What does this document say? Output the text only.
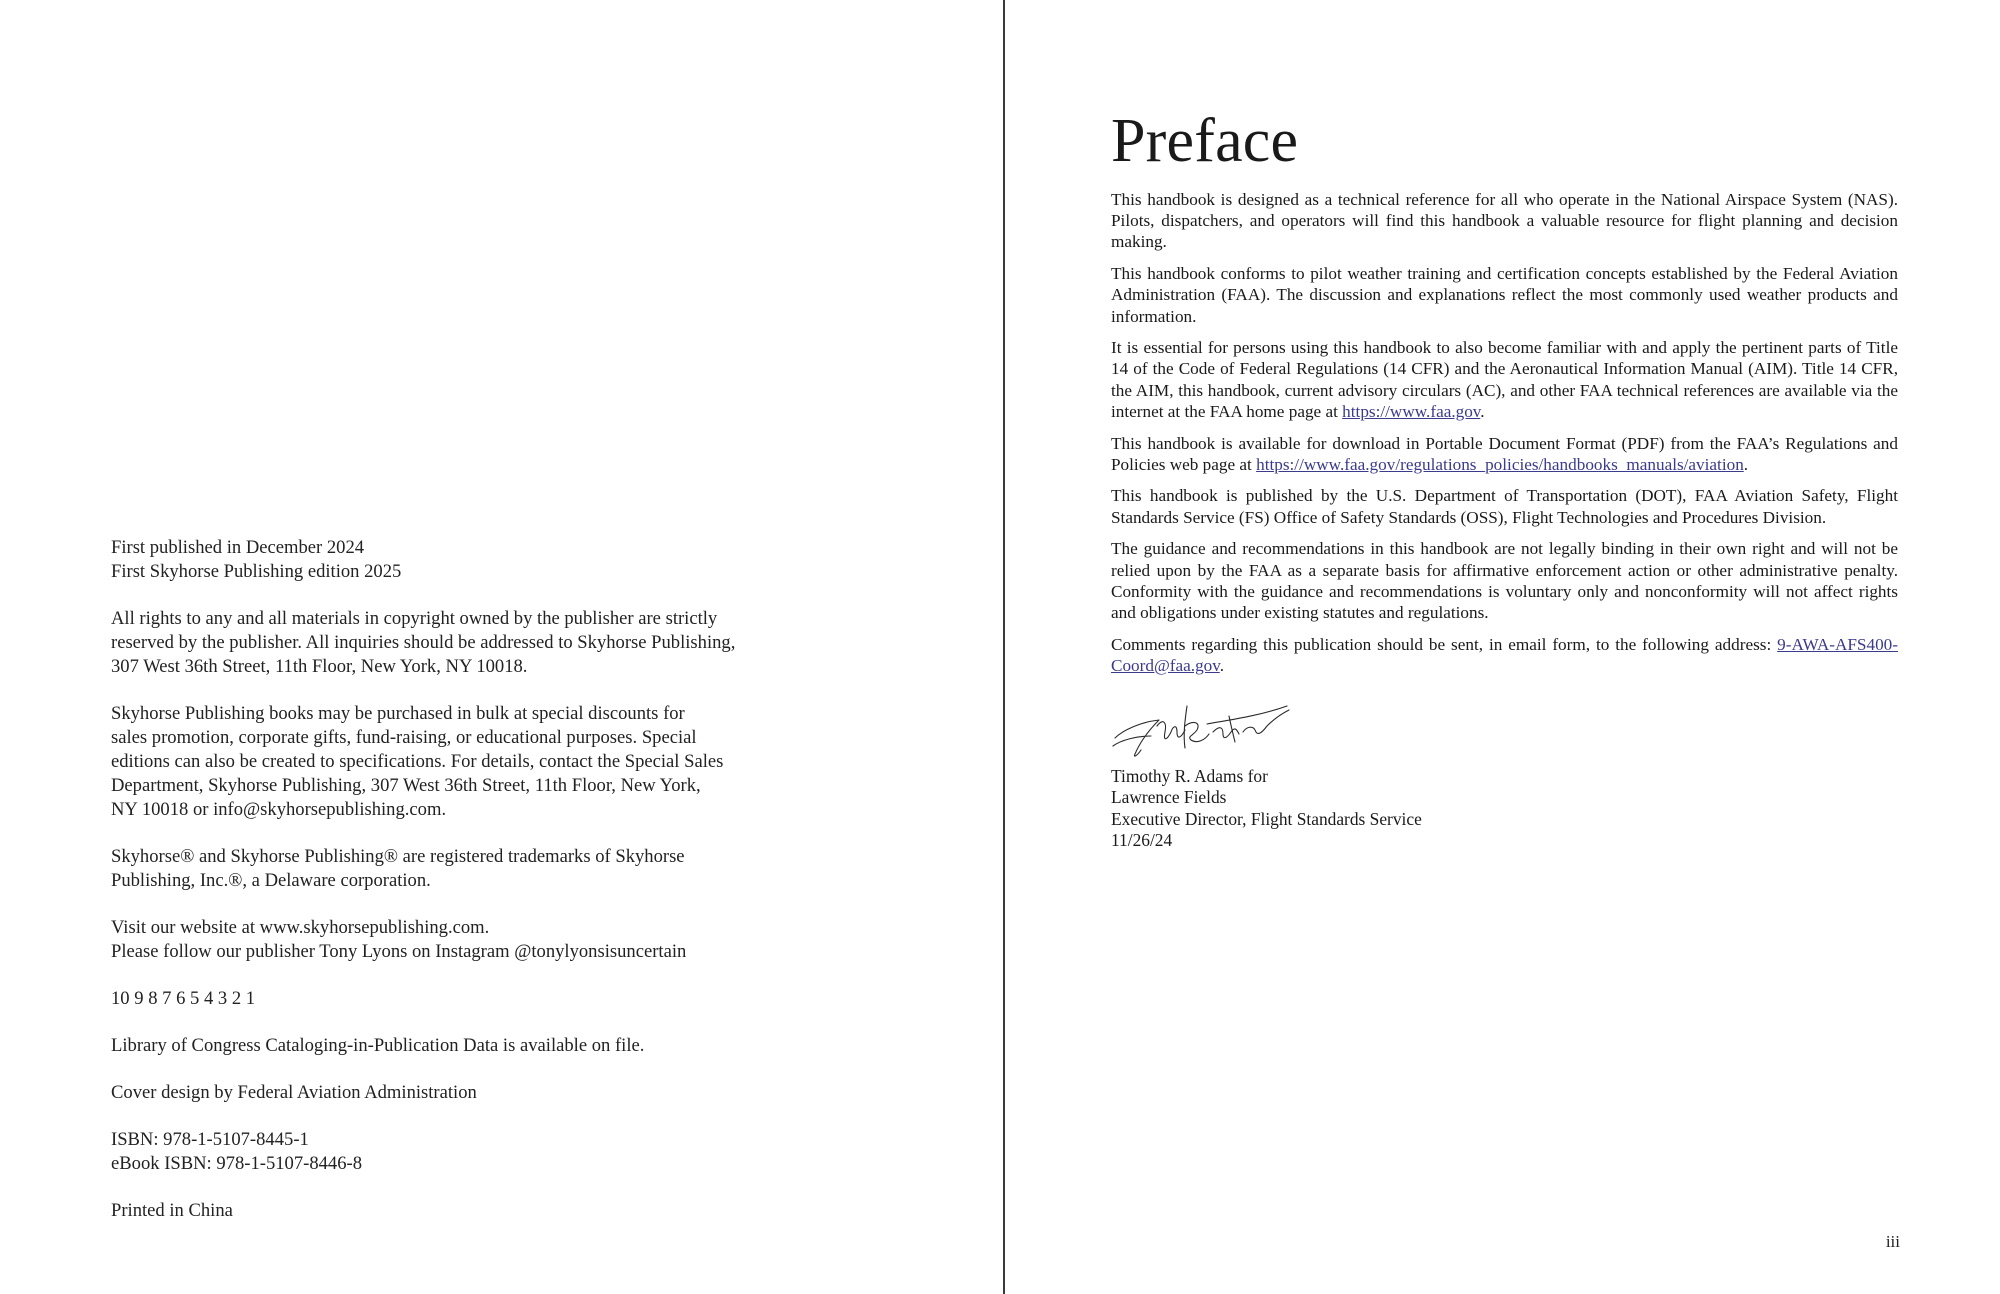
First published in December 2024
First Skyhorse Publishing edition 2025
All rights to any and all materials in copyright owned by the publisher are strictly
reserved by the publisher. All inquiries should be addressed to Skyhorse Publishing,
307 West 36th Street, 11th Floor, New York, NY 10018.
Skyhorse Publishing books may be purchased in bulk at special discounts for
sales promotion, corporate gifts, fund-raising, or educational purposes. Special
editions can also be created to specifications. For details, contact the Special Sales
Department, Skyhorse Publishing, 307 West 36th Street, 11th Floor, New York,
NY 10018 or info@skyhorsepublishing.com.
Skyhorse® and Skyhorse Publishing® are registered trademarks of Skyhorse
Publishing, Inc.®, a Delaware corporation.
Visit our website at www.skyhorsepublishing.com.
Please follow our publisher Tony Lyons on Instagram @tonylyonsisuncertain
10 9 8 7 6 5 4 3 2 1
Library of Congress Cataloging-in-Publication Data is available on file.
Cover design by Federal Aviation Administration
ISBN: 978-1-5107-8445-1
eBook ISBN: 978-1-5107-8446-8
Printed in China
Preface

This handbook is designed as a technical reference for all who operate in the National Airspace System (NAS). Pilots, dispatchers, and operators will find this handbook a valuable resource for flight planning and decision making.

This handbook conforms to pilot weather training and certification concepts established by the Federal Aviation Administration (FAA). The discussion and explanations reflect the most commonly used weather products and information.

It is essential for persons using this handbook to also become familiar with and apply the pertinent parts of Title 14 of the Code of Federal Regulations (14 CFR) and the Aeronautical Information Manual (AIM). Title 14 CFR, the AIM, this handbook, current advisory circulars (AC), and other FAA technical references are available via the internet at the FAA home page at https://www.faa.gov.

This handbook is available for download in Portable Document Format (PDF) from the FAA’s Regulations and Policies web page at https://www.faa.gov/regulations_policies/handbooks_manuals/aviation.

This handbook is published by the U.S. Department of Transportation (DOT), FAA Aviation Safety, Flight Standards Service (FS) Office of Safety Standards (OSS), Flight Technologies and Procedures Division.

The guidance and recommendations in this handbook are not legally binding in their own right and will not be relied upon by the FAA as a separate basis for affirmative enforcement action or other administrative penalty. Conformity with the guidance and recommendations is voluntary only and nonconformity will not affect rights and obligations under existing statutes and regulations.

Comments regarding this publication should be sent, in email form, to the following address: 9-AWA-AFS400-Coord@faa.gov.

Timothy R. Adams for
Lawrence Fields
Executive Director, Flight Standards Service
11/26/24
iii
